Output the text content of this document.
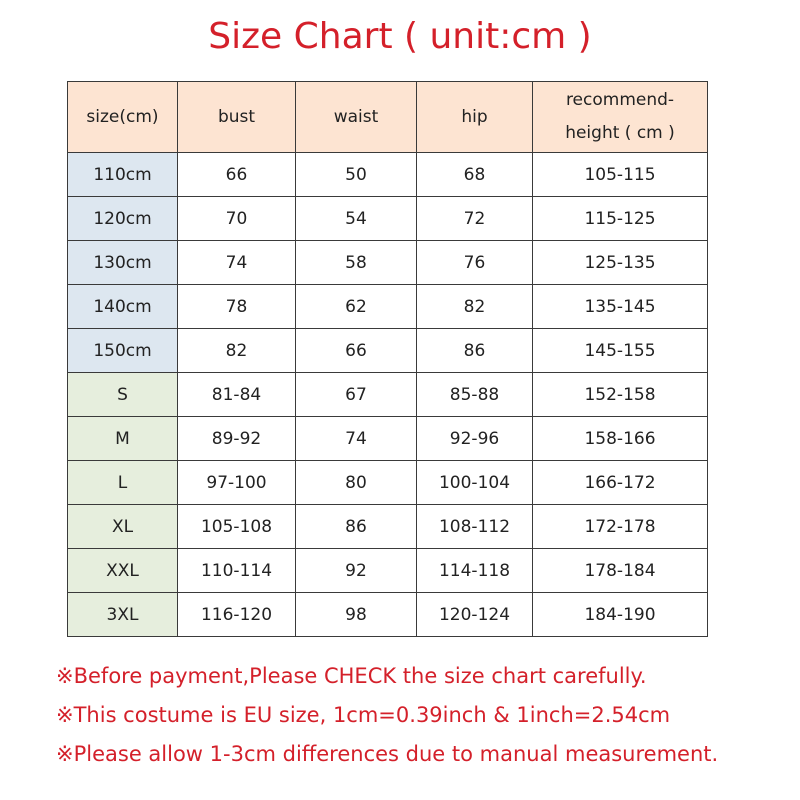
Size Chart ( unit:cm )
size(cm)	bust	waist	hip	recommend-
height ( cm )

110cm	66	50	68	105-115
120cm	70	54	72	115-125
130cm	74	58	76	125-135
140cm	78	62	82	135-145
150cm	82	66	86	145-155
S	81-84	67	85-88	152-158
M	89-92	74	92-96	158-166
L	97-100	80	100-104	166-172
XL	105-108	86	108-112	172-178
XXL	110-114	92	114-118	178-184
3XL	116-120	98	120-124	184-190
※Before payment,Please CHECK the size chart carefully.
※This costume is EU size, 1cm=0.39inch & 1inch=2.54cm
※Please allow 1-3cm differences due to manual measurement.
